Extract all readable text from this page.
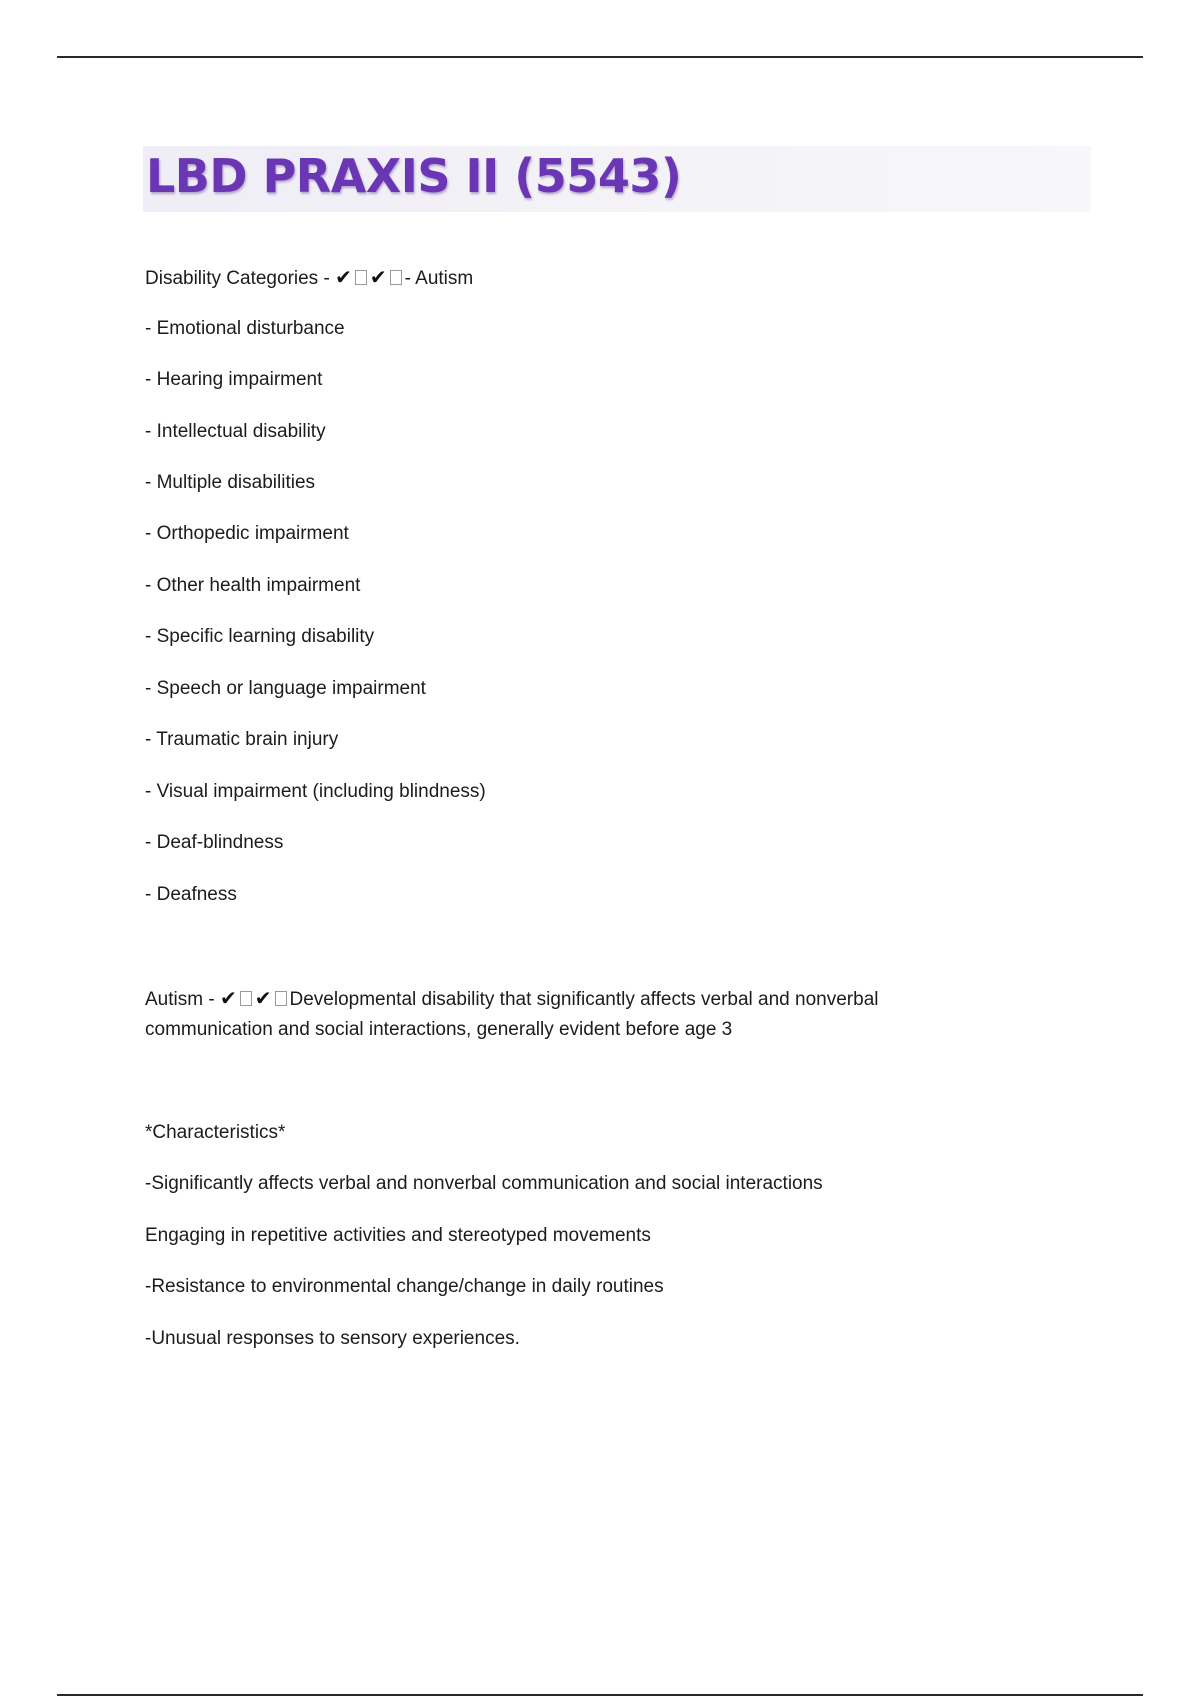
LBD PRAXIS II (5543)
Disability Categories - ✔ ✔ - Autism
- Emotional disturbance
- Hearing impairment
- Intellectual disability
- Multiple disabilities
- Orthopedic impairment
- Other health impairment
- Specific learning disability
- Speech or language impairment
- Traumatic brain injury
- Visual impairment (including blindness)
- Deaf-blindness
- Deafness
Autism - ✔ ✔ Developmental disability that significantly affects verbal and nonverbal
communication and social interactions, generally evident before age 3
*Characteristics*
-Significantly affects verbal and nonverbal communication and social interactions
Engaging in repetitive activities and stereotyped movements
-Resistance to environmental change/change in daily routines
-Unusual responses to sensory experiences.
